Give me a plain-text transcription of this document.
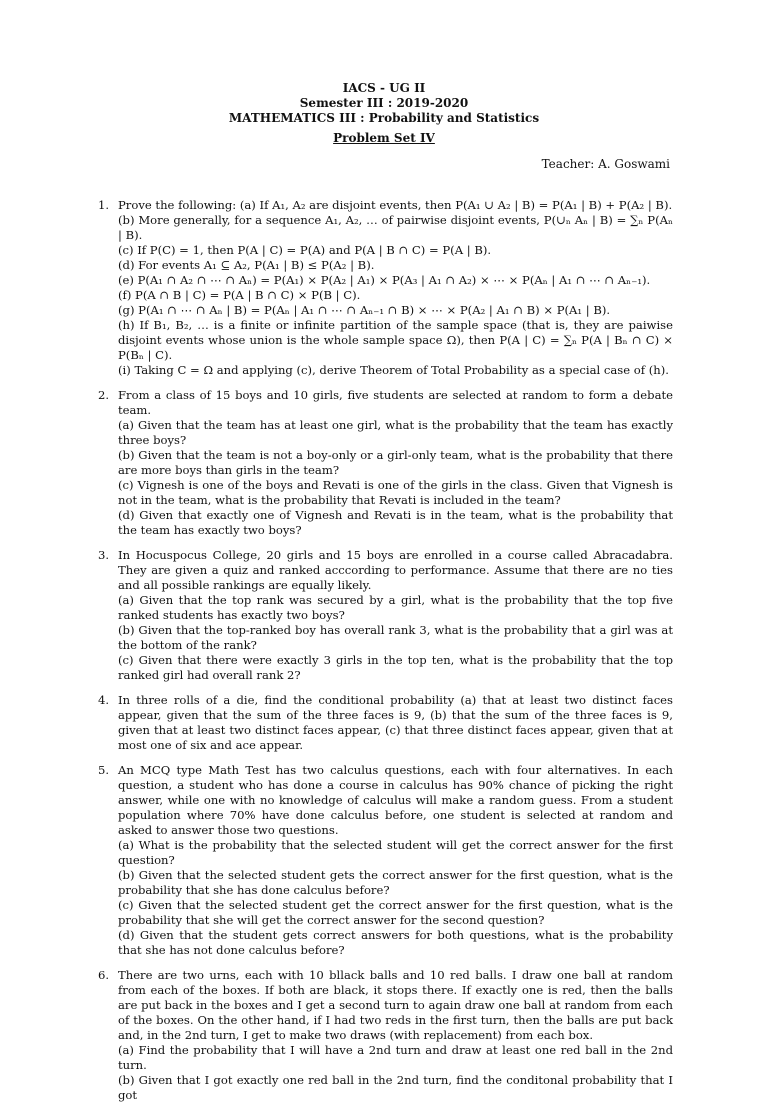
IACS - UG II
Semester III : 2019-2020
MATHEMATICS III : Probability and Statistics
Problem Set IV
Teacher: A. Goswami
1. Prove the following: (a) If A₁, A₂ are disjoint events, then P(A₁ ∪ A₂ | B) = P(A₁ | B) + P(A₂ | B).
(b) More generally, for a sequence A₁, A₂, … of pairwise disjoint events, P(∪ₙ Aₙ | B) = ∑ₙ P(Aₙ | B).
(c) If P(C) = 1, then P(A | C) = P(A) and P(A | B ∩ C) = P(A | B).
(d) For events A₁ ⊆ A₂, P(A₁ | B) ≤ P(A₂ | B).
(e) P(A₁ ∩ A₂ ∩ ⋯ ∩ Aₙ) = P(A₁) × P(A₂ | A₁) × P(A₃ | A₁ ∩ A₂) × ⋯ × P(Aₙ | A₁ ∩ ⋯ ∩ Aₙ₋₁).
(f) P(A ∩ B | C) = P(A | B ∩ C) × P(B | C).
(g) P(A₁ ∩ ⋯ ∩ Aₙ | B) = P(Aₙ | A₁ ∩ ⋯ ∩ Aₙ₋₁ ∩ B) × ⋯ × P(A₂ | A₁ ∩ B) × P(A₁ | B).
(h) If B₁, B₂, … is a finite or infinite partition of the sample space (that is, they are paiwise disjoint events whose union is the whole sample space Ω), then P(A | C) = ∑ₙ P(A | Bₙ ∩ C) × P(Bₙ | C).
(i) Taking C = Ω and applying (c), derive Theorem of Total Probability as a special case of (h).
2. From a class of 15 boys and 10 girls, five students are selected at random to form a debate team.
(a) Given that the team has at least one girl, what is the probability that the team has exactly three boys?
(b) Given that the team is not a boy-only or a girl-only team, what is the probability that there are more boys than girls in the team?
(c) Vignesh is one of the boys and Revati is one of the girls in the class. Given that Vignesh is not in the team, what is the probability that Revati is included in the team?
(d) Given that exactly one of Vignesh and Revati is in the team, what is the probability that the team has exactly two boys?
3. In Hocuspocus College, 20 girls and 15 boys are enrolled in a course called Abracadabra. They are given a quiz and ranked acccording to performance. Assume that there are no ties and all possible rankings are equally likely.
(a) Given that the top rank was secured by a girl, what is the probability that the top five ranked students has exactly two boys?
(b) Given that the top-ranked boy has overall rank 3, what is the probability that a girl was at the bottom of the rank?
(c) Given that there were exactly 3 girls in the top ten, what is the probability that the top ranked girl had overall rank 2?
4. In three rolls of a die, find the conditional probability (a) that at least two distinct faces appear, given that the sum of the three faces is 9, (b) that the sum of the three faces is 9, given that at least two distinct faces appear, (c) that three distinct faces appear, given that at most one of six and ace appear.
5. An MCQ type Math Test has two calculus questions, each with four alternatives. In each question, a student who has done a course in calculus has 90% chance of picking the right answer, while one with no knowledge of calculus will make a random guess. From a student population where 70% have done calculus before, one student is selected at random and asked to answer those two questions.
(a) What is the probability that the selected student will get the correct answer for the first question?
(b) Given that the selected student gets the correct answer for the first question, what is the probability that she has done calculus before?
(c) Given that the selected student get the correct answer for the first question, what is the probability that she will get the correct answer for the second question?
(d) Given that the student gets correct answers for both questions, what is the probability that she has not done calculus before?
6. There are two urns, each with 10 bllack balls and 10 red balls. I draw one ball at random from each of the boxes. If both are black, it stops there. If exactly one is red, then the balls are put back in the boxes and I get a second turn to again draw one ball at random from each of the boxes. On the other hand, if I had two reds in the first turn, then the balls are put back and, in the 2nd turn, I get to make two draws (with replacement) from each box.
(a) Find the probability that I will have a 2nd turn and draw at least one red ball in the 2nd turn.
(b) Given that I got exactly one red ball in the 2nd turn, find the conditonal probability that I got
